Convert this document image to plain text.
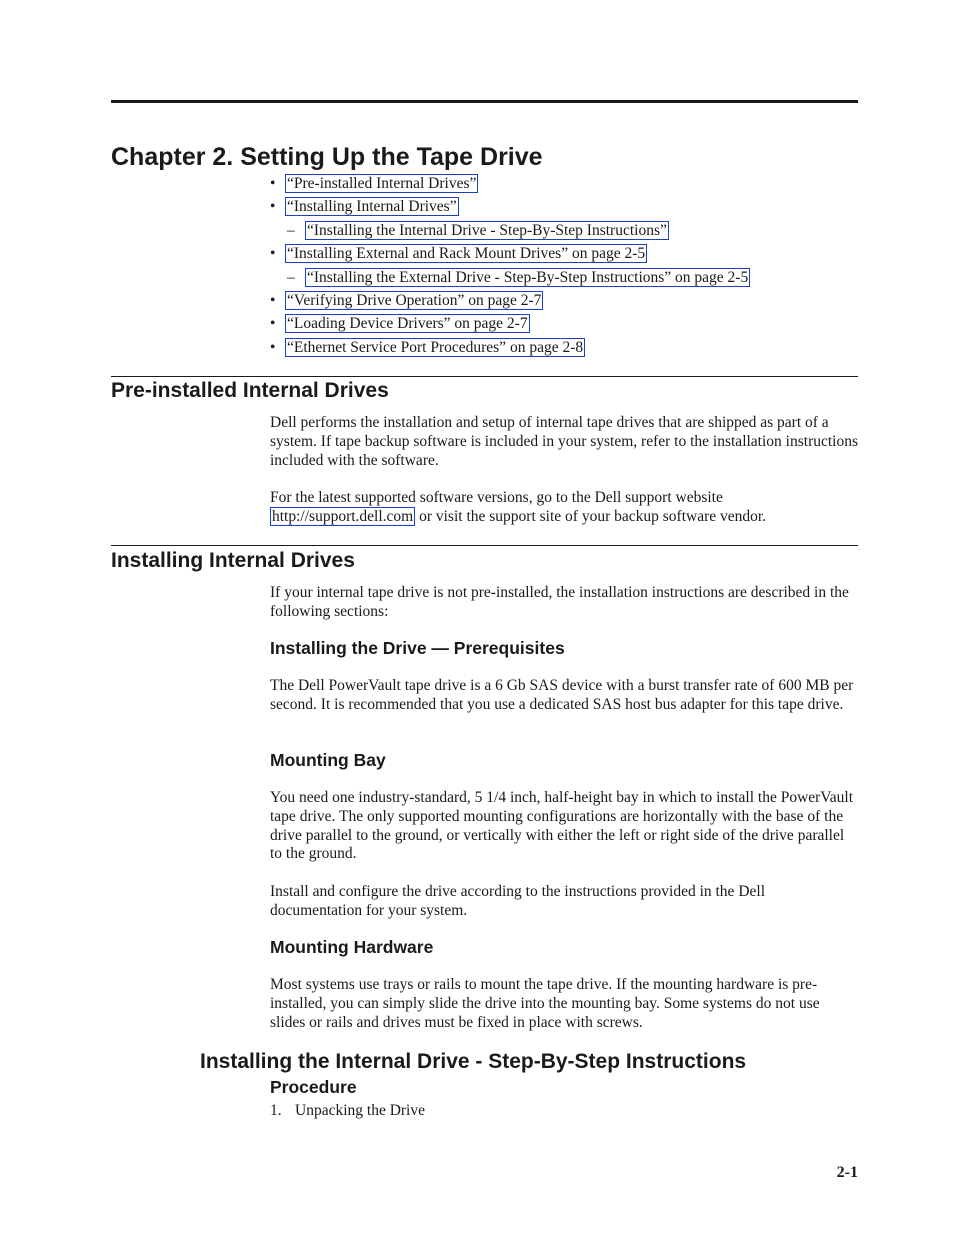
Chapter 2. Setting Up the Tape Drive
• “Pre-installed Internal Drives”
• “Installing Internal Drives”
– “Installing the Internal Drive - Step-By-Step Instructions”
• “Installing External and Rack Mount Drives” on page 2-5
– “Installing the External Drive - Step-By-Step Instructions” on page 2-5
• “Verifying Drive Operation” on page 2-7
• “Loading Device Drivers” on page 2-7
• “Ethernet Service Port Procedures” on page 2-8
Pre-installed Internal Drives

Dell performs the installation and setup of internal tape drives that are shipped as part of a system. If tape backup software is included in your system, refer to the installation instructions included with the software.

For the latest supported software versions, go to the Dell support website
http://support.dell.com or visit the support site of your backup software vendor.

Installing Internal Drives

If your internal tape drive is not pre-installed, the installation instructions are described in the following sections:

Installing the Drive — Prerequisites

The Dell PowerVault tape drive is a 6 Gb SAS device with a burst transfer rate of 600 MB per second. It is recommended that you use a dedicated SAS host bus adapter for this tape drive.

Mounting Bay

You need one industry-standard, 5 1/4 inch, half-height bay in which to install the PowerVault tape drive. The only supported mounting configurations are horizontally with the base of the drive parallel to the ground, or vertically with either the left or right side of the drive parallel to the ground.

Install and configure the drive according to the instructions provided in the Dell documentation for your system.

Mounting Hardware

Most systems use trays or rails to mount the tape drive. If the mounting hardware is pre-installed, you can simply slide the drive into the mounting bay. Some systems do not use slides or rails and drives must be fixed in place with screws.

Installing the Internal Drive - Step-By-Step Instructions
Procedure
1. Unpacking the Drive
2-1
